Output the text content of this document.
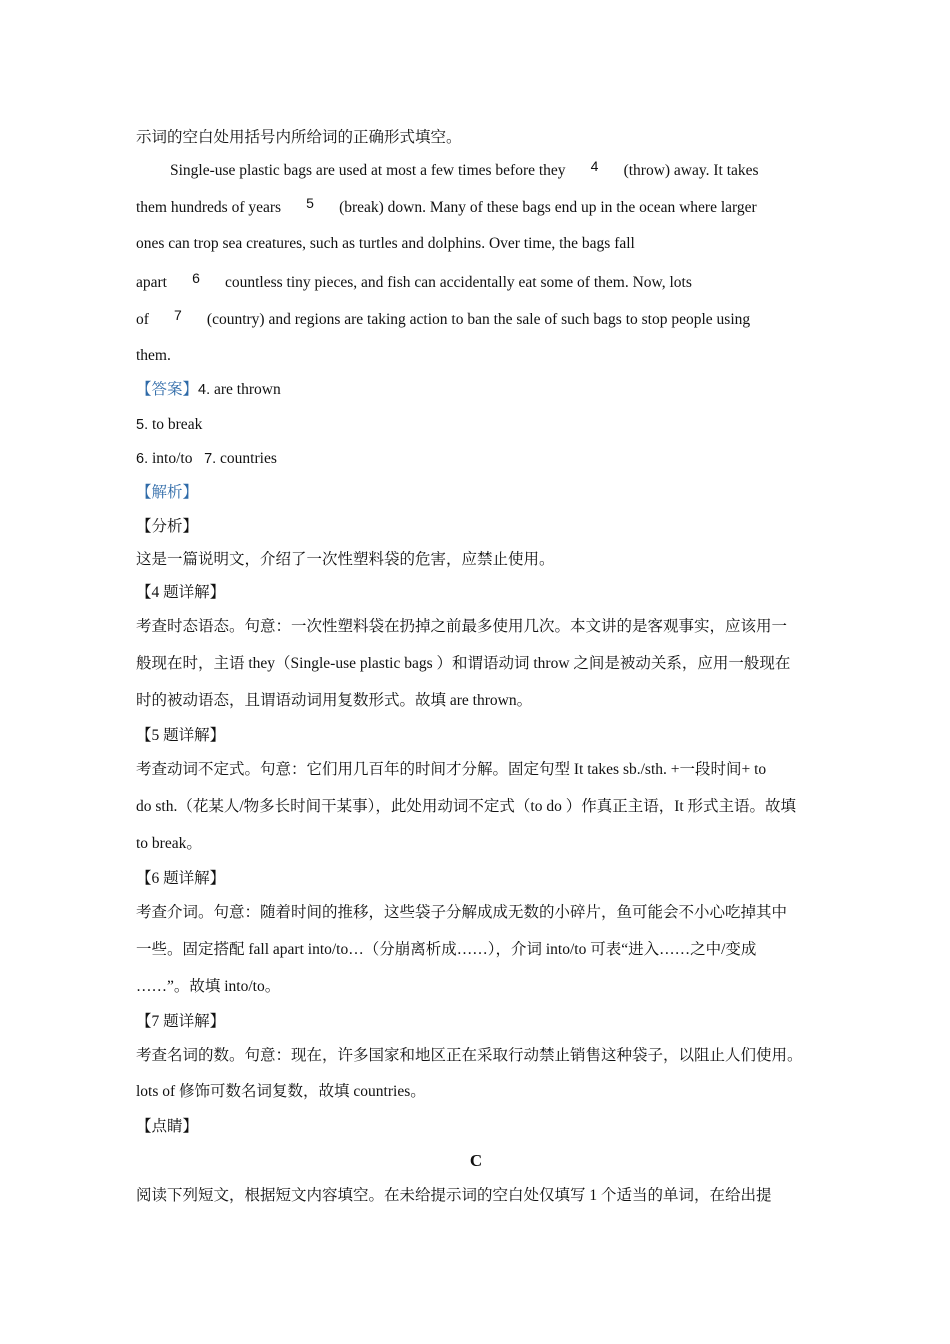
示词的空白处用括号内所给词的正确形式填空。
Single-use plastic bags are used at most a few times before they 4 (throw) away. It takes
them hundreds of years 5 (break) down. Many of these bags end up in the ocean where larger
ones can trop sea creatures, such as turtles and dolphins. Over time, the bags fall
apart 6 countless tiny pieces, and fish can accidentally eat some of them. Now, lots
of 7 (country) and regions are taking action to ban the sale of such bags to stop people using
them.
【答案】4. are thrown
5. to break
6. into/to 7. countries
【解析】
【分析】
这是一篇说明文，介绍了一次性塑料袋的危害，应禁止使用。
【4 题详解】
考查时态语态。句意：一次性塑料袋在扔掉之前最多使用几次。本文讲的是客观事实，应该用一
般现在时，主语 they（Single-use plastic bags ）和谓语动词 throw 之间是被动关系，应用一般现在
时的被动语态，且谓语动词用复数形式。故填 are thrown。
【5 题详解】
考查动词不定式。句意：它们用几百年的时间才分解。固定句型 It takes sb./sth. +一段时间+ to
do sth.（花某人/物多长时间干某事），此处用动词不定式（to do ）作真正主语，It 形式主语。故填
to break。
【6 题详解】
考查介词。句意：随着时间的推移，这些袋子分解成成无数的小碎片，鱼可能会不小心吃掉其中
一些。固定搭配 fall apart into/to…（分崩离析成……），介词 into/to 可表“进入……之中/变成
……”。故填 into/to。
【7 题详解】
考查名词的数。句意：现在，许多国家和地区正在采取行动禁止销售这种袋子，以阻止人们使用。
lots of 修饰可数名词复数，故填 countries。
【点睛】
C
阅读下列短文，根据短文内容填空。在未给提示词的空白处仅填写 1 个适当的单词，在给出提
